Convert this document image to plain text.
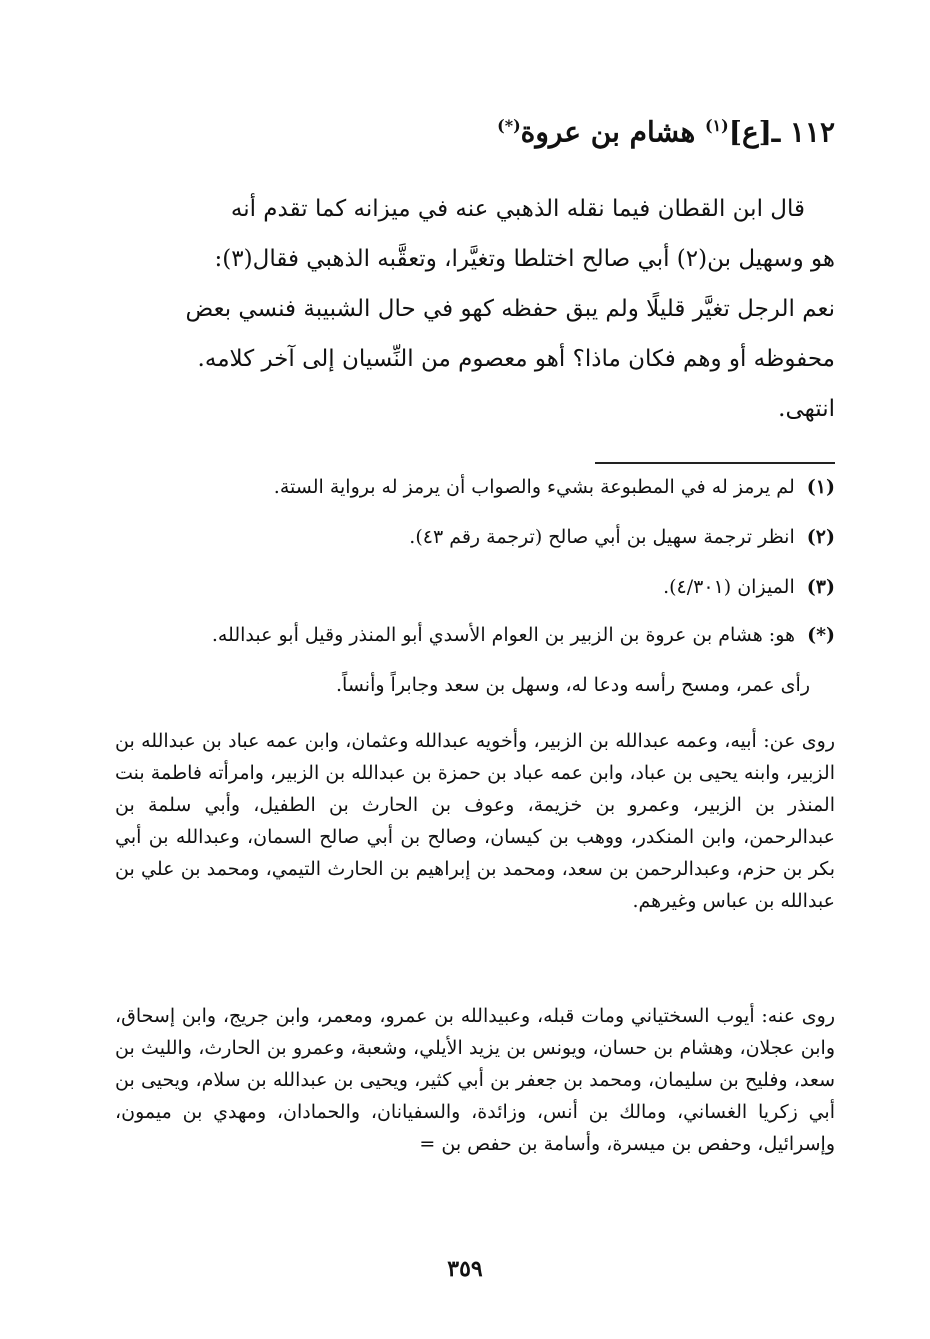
١١٢ ـ[ع]$^{(١)}$ هشام بن عروة(*)

قال ابن القطان فيما نقله الذهبي عنه في ميزانه كما تقدم أنه

هو وسهيل بن(٢) أبي صالح اختلطا وتغيَّرا، وتعقَّبه الذهبي فقال(٣):

نعم الرجل تغيَّر قليلًا ولم يبق حفظه كهو في حال الشبيبة فنسي بعض

محفوظه أو وهم فكان ماذا؟ أهو معصوم من النِّسيان إلى آخر كلامه.

انتهى.

(١) لم يرمز له في المطبوعة بشيء والصواب أن يرمز له برواية الستة.

(٢) انظر ترجمة سهيل بن أبي صالح (ترجمة رقم ٤٣).

(٣) الميزان (٤/٣٠١).

(*) هو: هشام بن عروة بن الزبير بن العوام الأسدي أبو المنذر وقيل أبو عبدالله.

رأى عمر، ومسح رأسه ودعا له، وسهل بن سعد وجابراً وأنساً.

روى عن: أبيه، وعمه عبدالله بن الزبير، وأخويه عبدالله وعثمان، وابن عمه عباد بن عبدالله بن الزبير، وابنه يحيى بن عباد، وابن عمه عباد بن حمزة بن عبدالله بن الزبير، وامرأته فاطمة بنت المنذر بن الزبير، وعمرو بن خزيمة، وعوف بن الحارث بن الطفيل، وأبي سلمة بن عبدالرحمن، وابن المنكدر، ووهب بن كيسان، وصالح بن أبي صالح السمان، وعبدالله بن أبي بكر بن حزم، وعبدالرحمن بن سعد، ومحمد بن إبراهيم بن الحارث التيمي، ومحمد بن علي بن عبدالله بن عباس وغيرهم.
روى عنه: أيوب السختياني ومات قبله، وعبيدالله بن عمرو، ومعمر، وابن جريج، وابن إسحاق، وابن عجلان، وهشام بن حسان، ويونس بن يزيد الأيلي، وشعبة، وعمرو بن الحارث، والليث بن سعد، وفليح بن سليمان، ومحمد بن جعفر بن أبي كثير، ويحيى بن عبدالله بن سلام، ويحيى بن أبي زكريا الغساني، ومالك بن أنس، وزائدة، والسفيانان، والحمادان، ومهدي بن ميمون، وإسرائيل، وحفص بن ميسرة، وأسامة بن حفص بن =
٣٥٩
